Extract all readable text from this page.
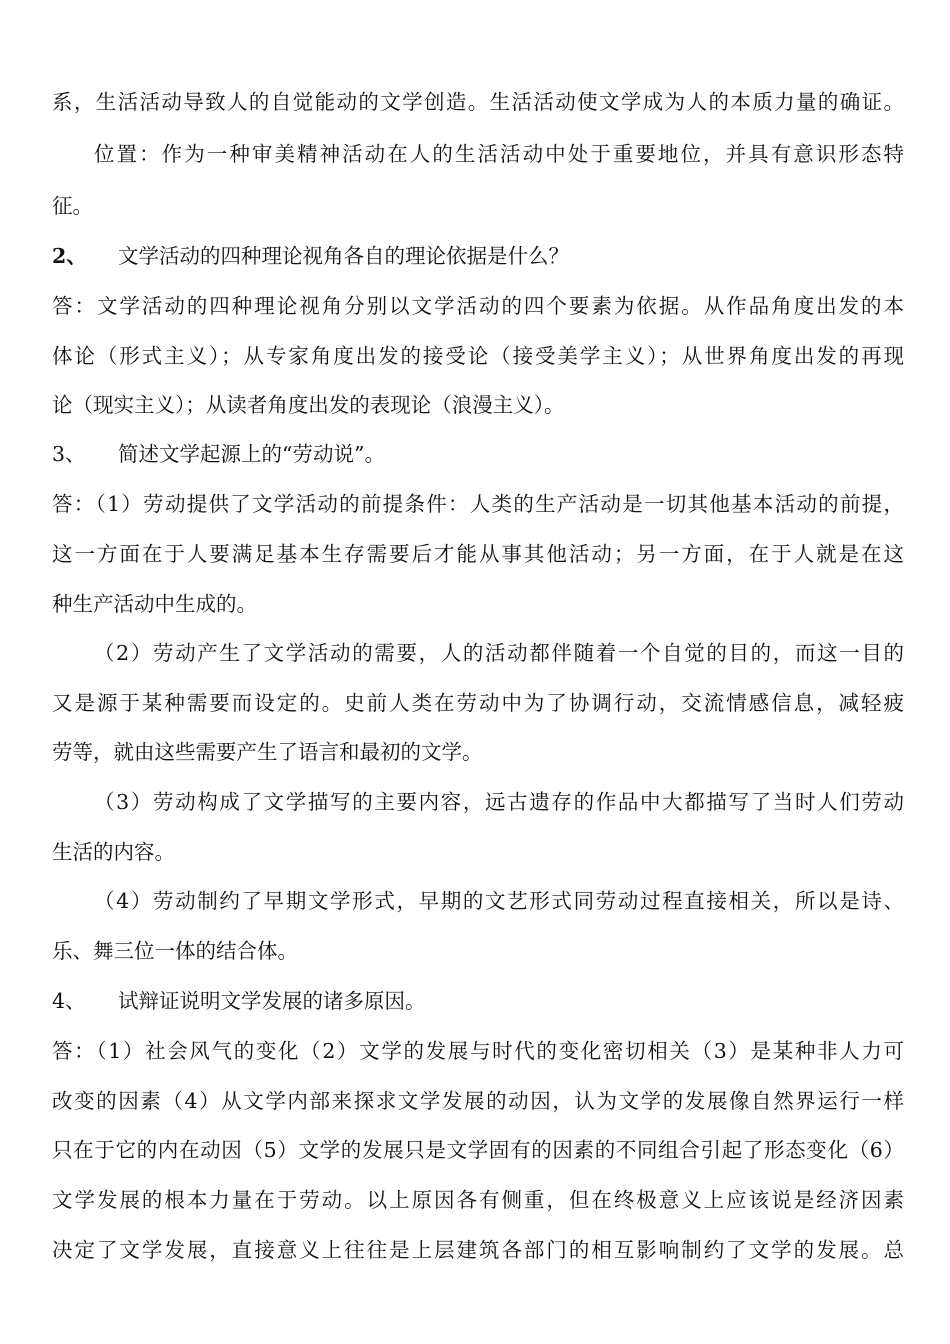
系，生活活动导致人的自觉能动的文学创造。生活活动使文学成为人的本质力量的确证。
位置：作为一种审美精神活动在人的生活活动中处于重要地位，并具有意识形态特
征。
2、 文学活动的四种理论视角各自的理论依据是什么？
答：文学活动的四种理论视角分别以文学活动的四个要素为依据。从作品角度出发的本
体论（形式主义）；从专家角度出发的接受论（接受美学主义）；从世界角度出发的再现
论（现实主义）；从读者角度出发的表现论（浪漫主义）。
3、 简述文学起源上的“劳动说”。
答：（1）劳动提供了文学活动的前提条件：人类的生产活动是一切其他基本活动的前提，
这一方面在于人要满足基本生存需要后才能从事其他活动；另一方面，在于人就是在这
种生产活动中生成的。
（2）劳动产生了文学活动的需要，人的活动都伴随着一个自觉的目的，而这一目的
又是源于某种需要而设定的。史前人类在劳动中为了协调行动，交流情感信息，减轻疲
劳等，就由这些需要产生了语言和最初的文学。
（3）劳动构成了文学描写的主要内容，远古遗存的作品中大都描写了当时人们劳动
生活的内容。
（4）劳动制约了早期文学形式，早期的文艺形式同劳动过程直接相关，所以是诗、
乐、舞三位一体的结合体。
4、 试辩证说明文学发展的诸多原因。
答：（1）社会风气的变化（2）文学的发展与时代的变化密切相关（3）是某种非人力可
改变的因素（4）从文学内部来探求文学发展的动因，认为文学的发展像自然界运行一样
只在于它的内在动因（5）文学的发展只是文学固有的因素的不同组合引起了形态变化（6）
文学发展的根本力量在于劳动。以上原因各有侧重，但在终极意义上应该说是经济因素
决定了文学发展，直接意义上往往是上层建筑各部门的相互影响制约了文学的发展。总
